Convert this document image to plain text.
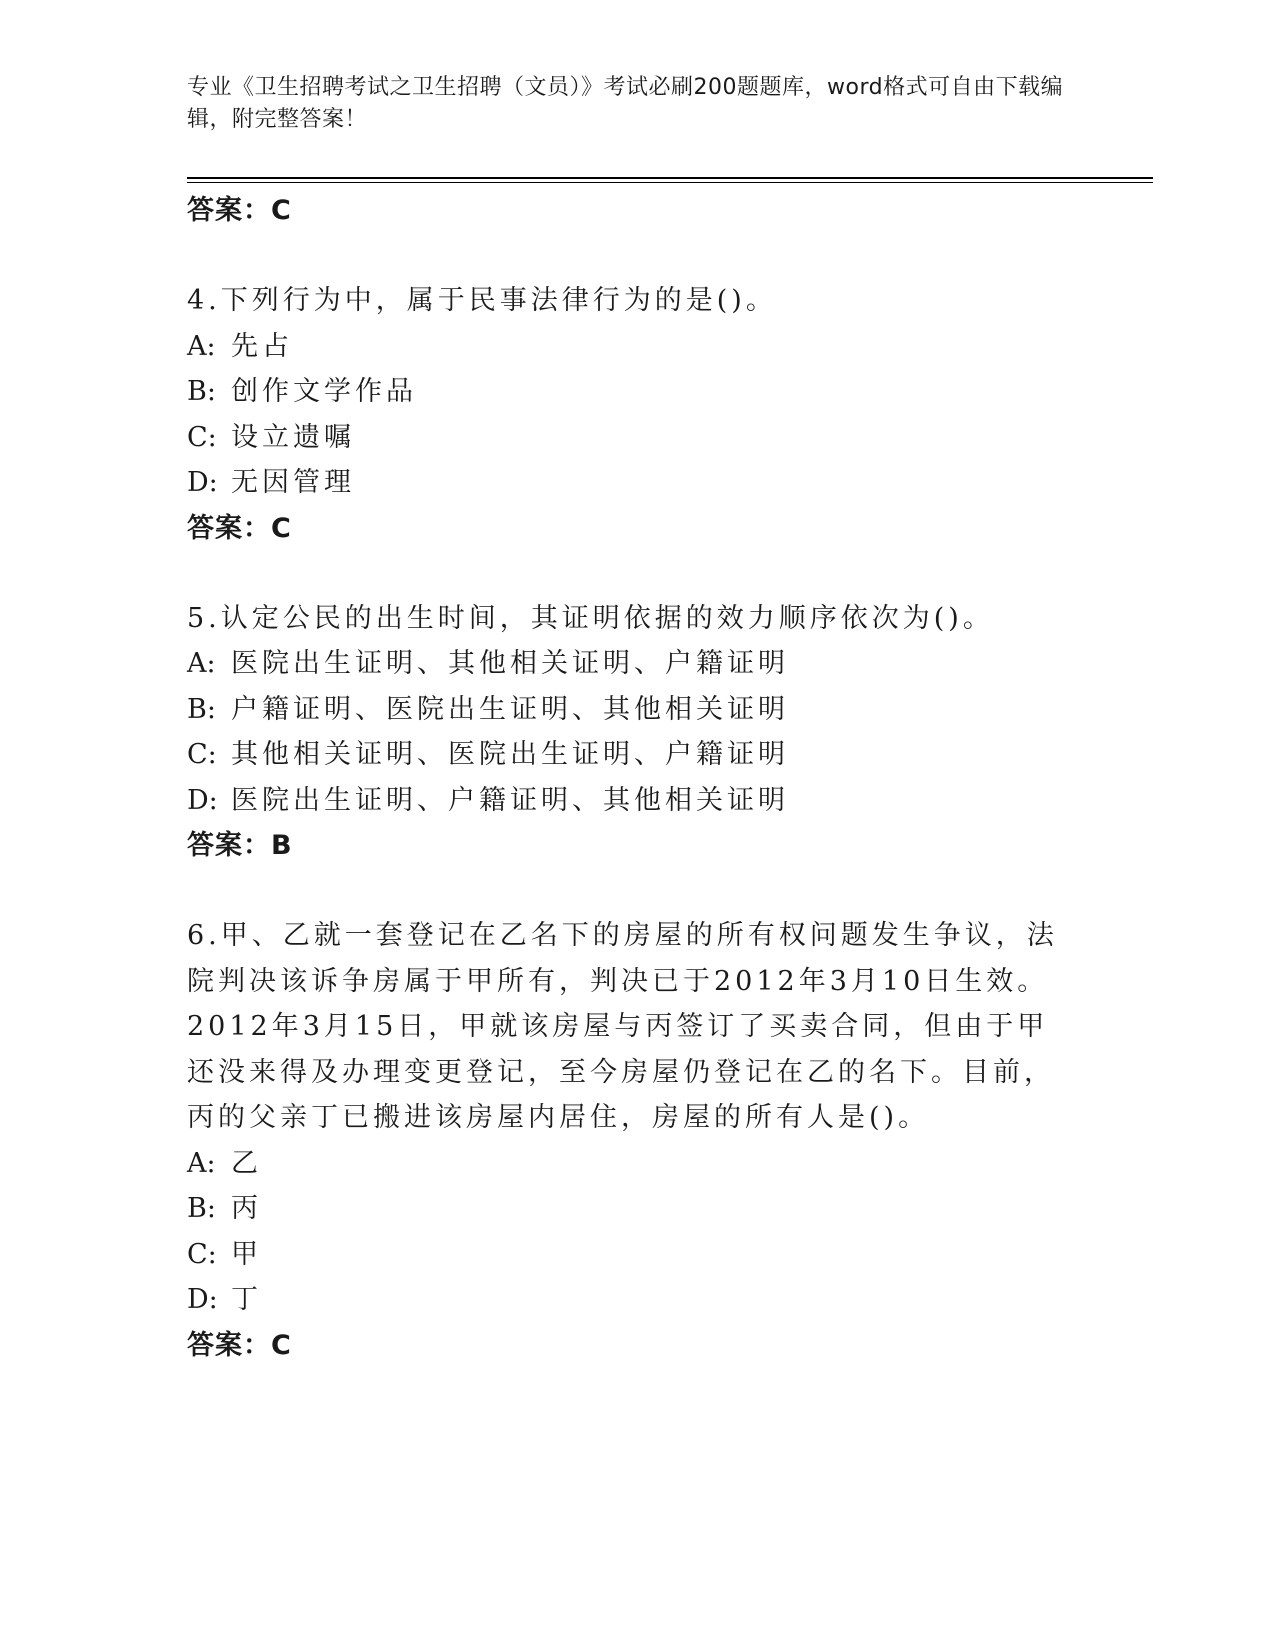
专业《卫生招聘考试之卫生招聘（文员）》考试必刷200题题库，word格式可自由下载编辑，附完整答案！
答案：C
4.下列行为中，属于民事法律行为的是()。
A: 先占
B: 创作文学作品
C: 设立遗嘱
D: 无因管理
答案：C
5.认定公民的出生时间，其证明依据的效力顺序依次为()。
A: 医院出生证明、其他相关证明、户籍证明
B: 户籍证明、医院出生证明、其他相关证明
C: 其他相关证明、医院出生证明、户籍证明
D: 医院出生证明、户籍证明、其他相关证明
答案：B
6.甲、乙就一套登记在乙名下的房屋的所有权问题发生争议，法院判决该诉争房属于甲所有，判决已于2012年3月10日生效。2012年3月15日，甲就该房屋与丙签订了买卖合同，但由于甲还没来得及办理变更登记，至今房屋仍登记在乙的名下。目前，丙的父亲丁已搬进该房屋内居住，房屋的所有人是()。
A: 乙
B: 丙
C: 甲
D: 丁
答案：C
